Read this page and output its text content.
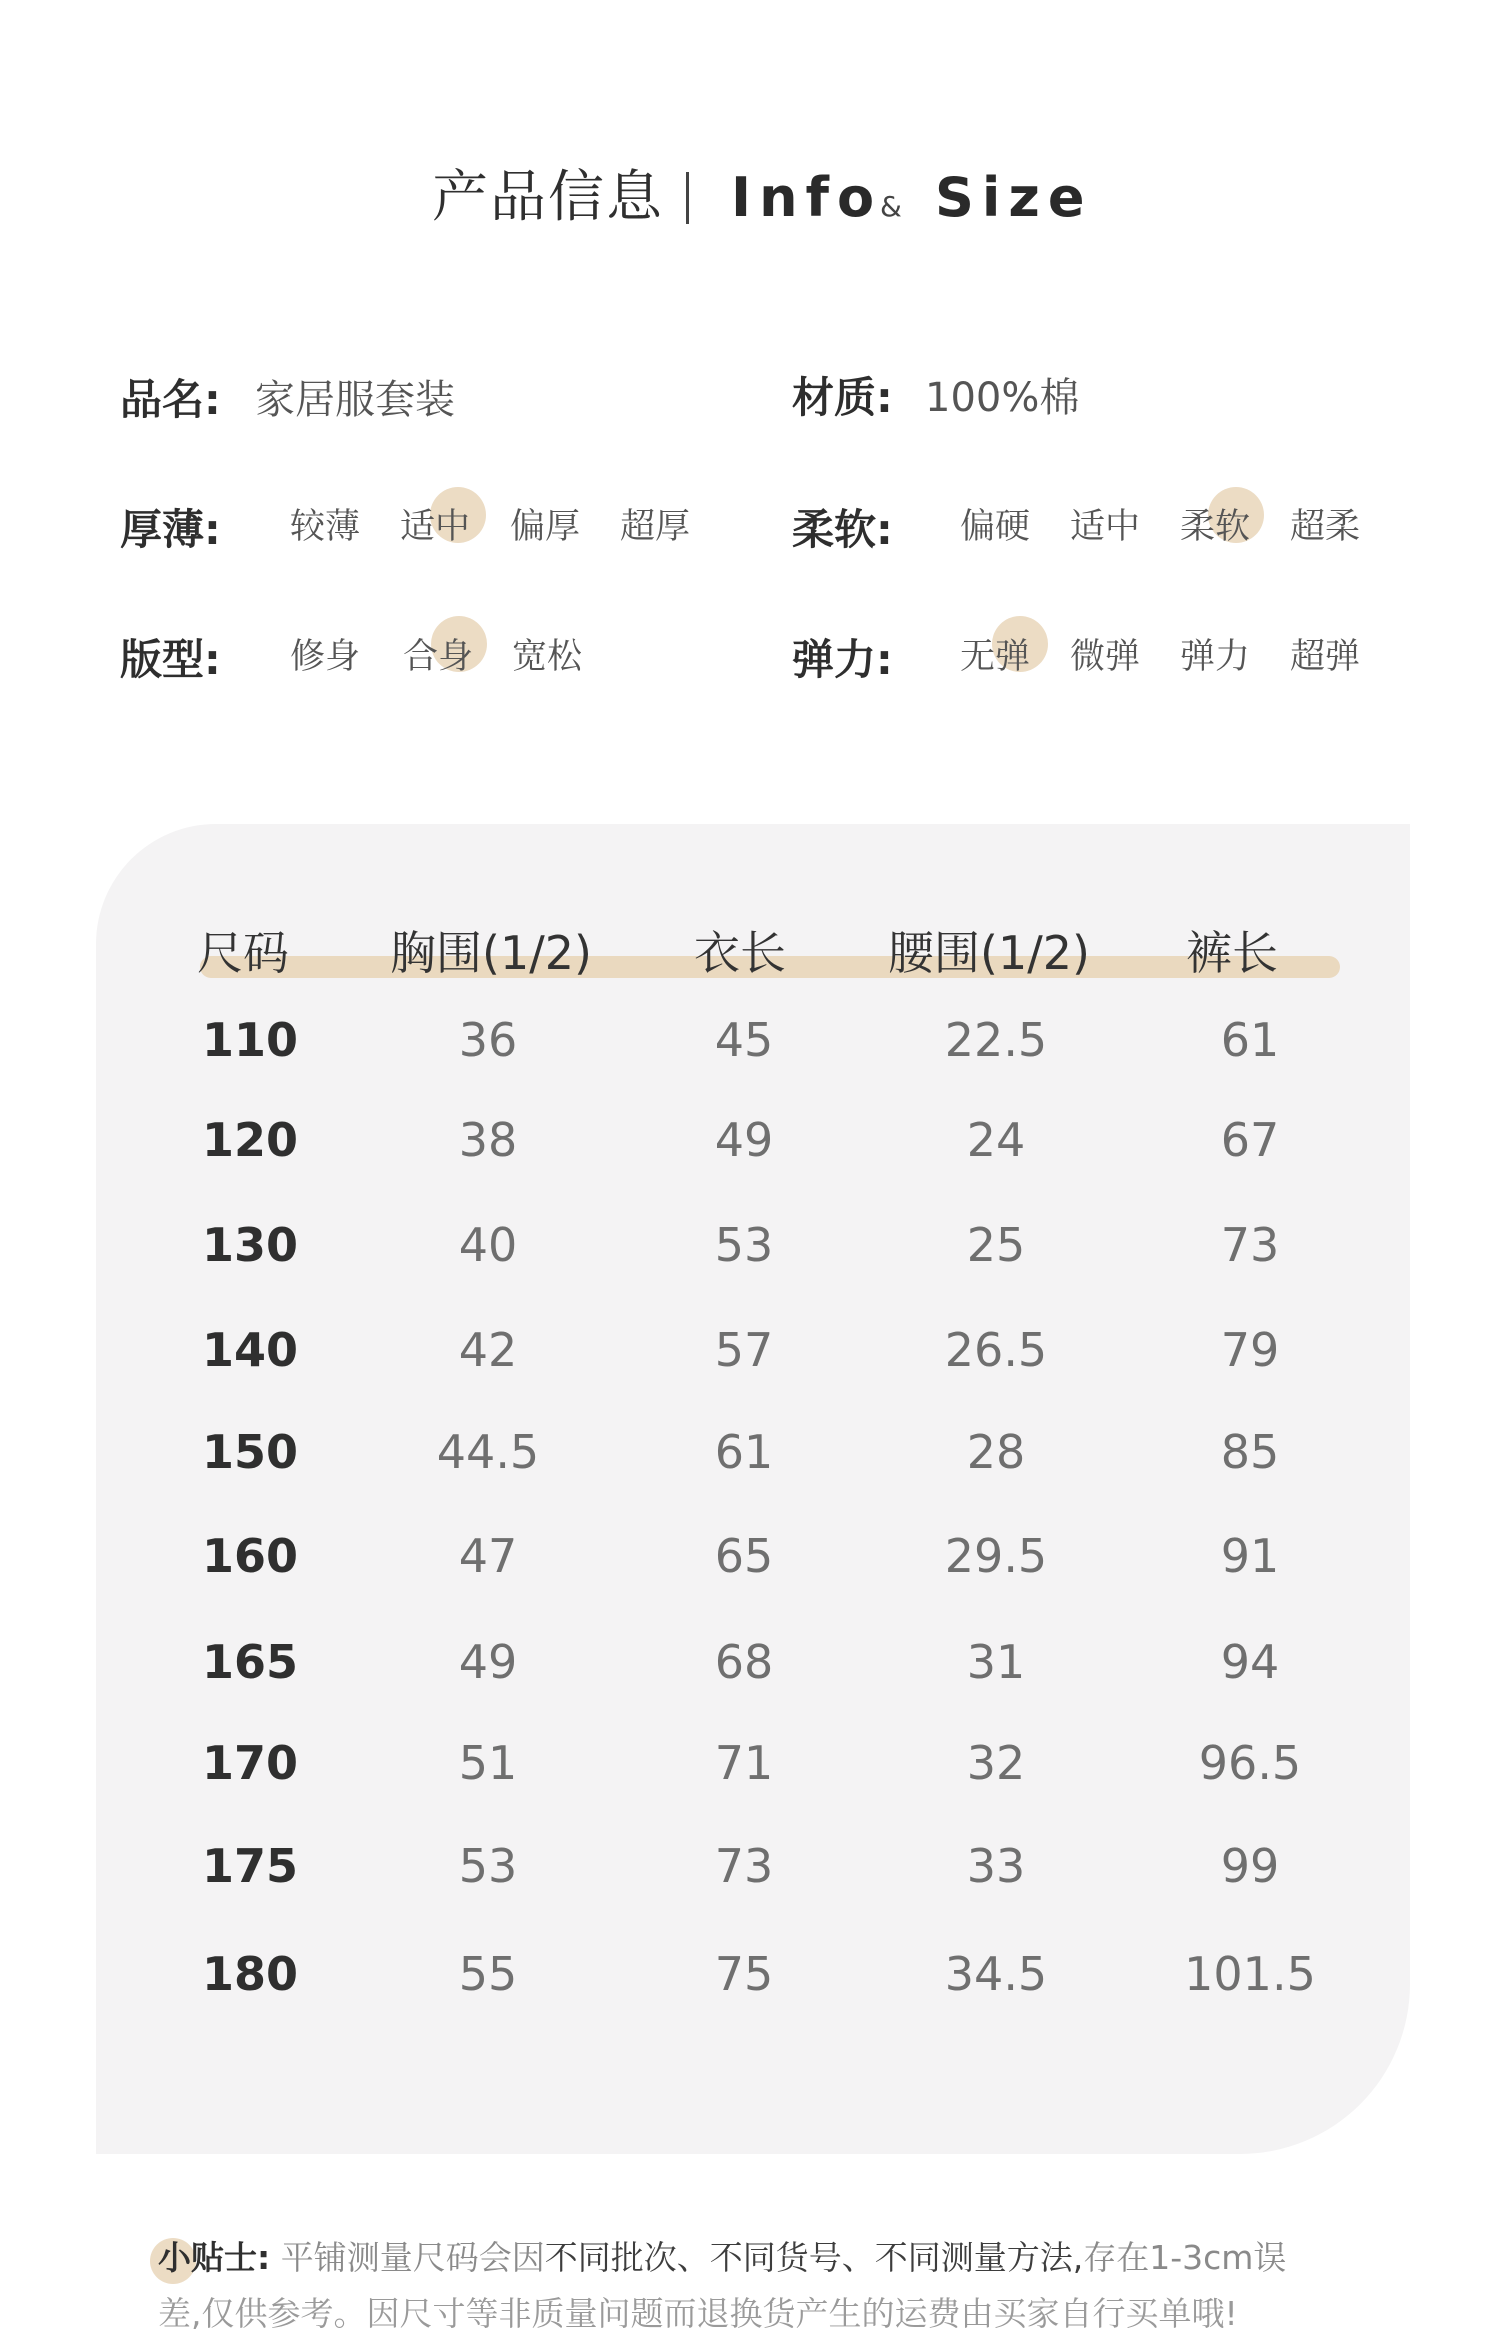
产品信息 Info
& Size
品名: 家居服套装	材质: 100%棉
厚薄: 较薄 适中 偏厚 超厚 柔软: 偏硬 适中 柔软 超柔
版型: 修身 合身 宽松	弹力: 无弹 微弹 弹力 超弹
尺码 胸围(1/2) 衣长 腰围(1/2) 裤长
110	36	45	22.5	61
120	38	49	24	67
130	40	53	25	73
140	42	57	26.5	79
150	44.5	61	28	85
160	47	65	29.5	91
165	49	68	31	94
170	51	71	32	96.5
175	53	73	33	99
180	55	75	34.5	101.5
小贴士: 平铺测量尺码会因不同批次、不同货号、不同测量方法,存在1-3cm误
差,仅供参考。因尺寸等非质量问题而退换货产生的运费由买家自行买单哦!
